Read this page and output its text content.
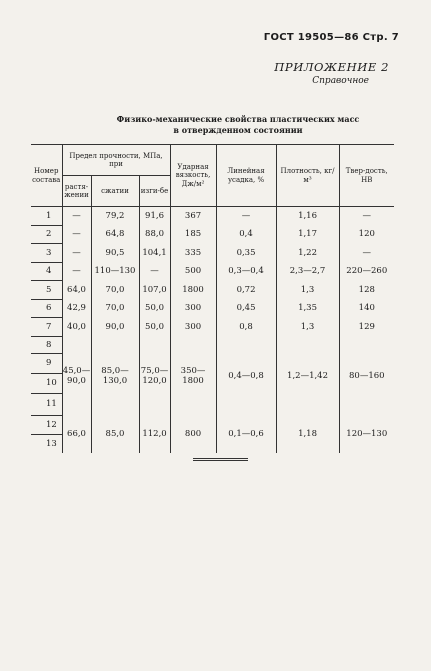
ГОСТ 19505—86 Стр. 7
ПРИЛОЖЕНИЕ 2
Справочное
Физико-механические свойства пластических масс
в отвержденном состоянии
Номер состава	Предел прочности, МПа, при			Ударная вязкость, Дж/м²	Линейная усадка, %	Плотность, кг/м³	Твер-дость, НВ
	растя-жении	сжатии	изги-бе				
1	—	79,2	91,6	367	—	1,16	—
2	—	64,8	88,0	185	0,4	1,17	120
3	—	90,5	104,1	335	0,35	1,22	—
4	—	110—130	—	500	0,3—0,4	2,3—2,7	220—260
5	64,0	70,0	107,0	1800	0,72	1,3	128
6	42,9	70,0	50,0	300	0,45	1,35	140
7	40,0	90,0	50,0	300	0,8	1,3	129
8	45,0—90,0	85,0—130,0	75,0—120,0	350—1800	0,4—0,8	1,2—1,42	80—160
9							
10							
11							
12	66,0	85,0	112,0	800	0,1—0,6	1,18	120—130
13							
